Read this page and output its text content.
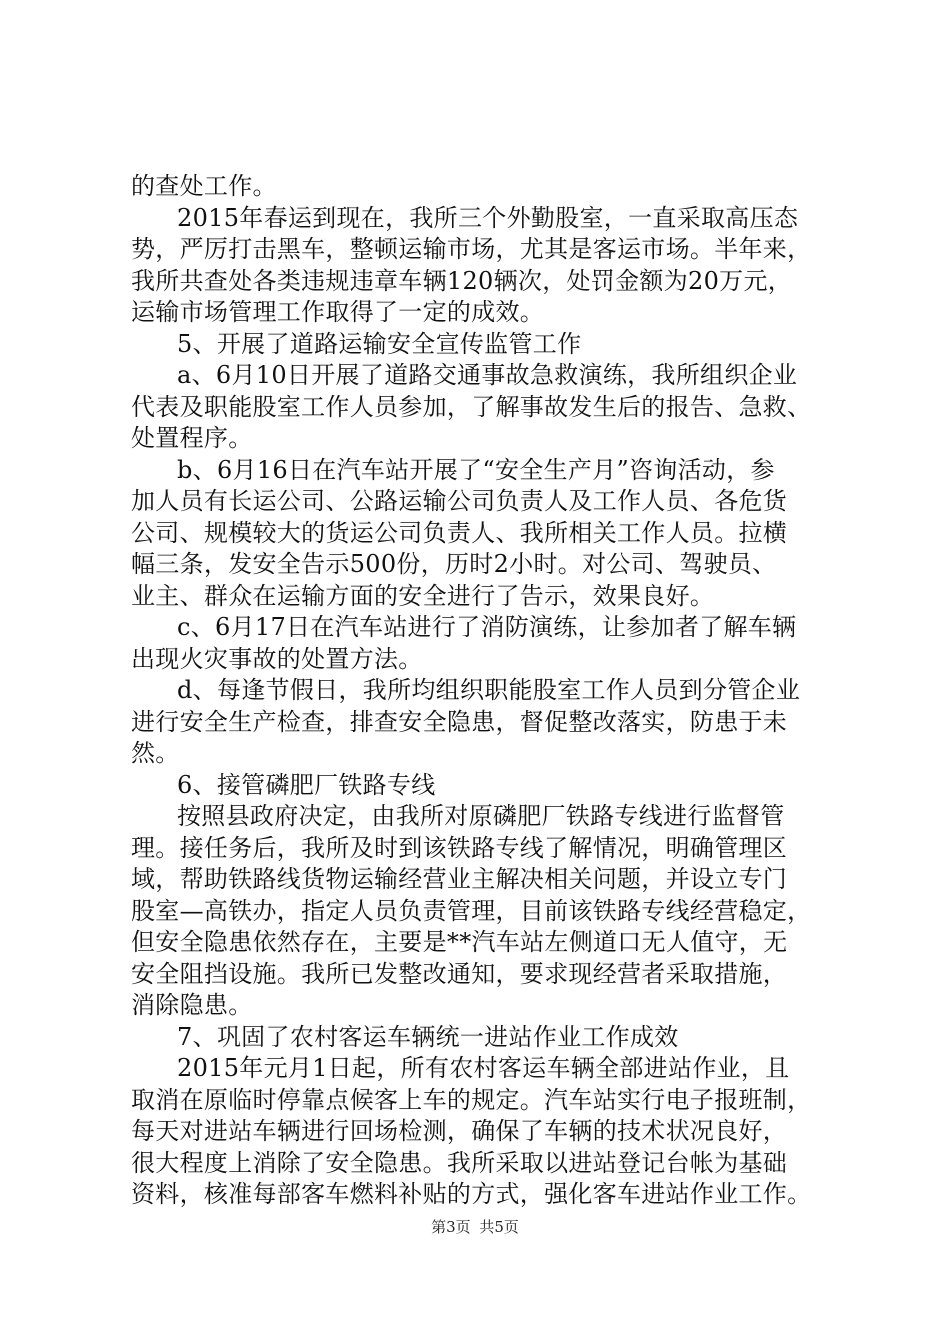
的查处工作。
2015年春运到现在，我所三个外勤股室，一直采取高压态
势，严厉打击黑车，整顿运输市场，尤其是客运市场。半年来，
我所共查处各类违规违章车辆120辆次，处罚金额为20万元，
运输市场管理工作取得了一定的成效。
5、开展了道路运输安全宣传监管工作
a、6月10日开展了道路交通事故急救演练，我所组织企业
代表及职能股室工作人员参加，了解事故发生后的报告、急救、
处置程序。
b、6月16日在汽车站开展了“安全生产月”咨询活动，参
加人员有长运公司、公路运输公司负责人及工作人员、各危货
公司、规模较大的货运公司负责人、我所相关工作人员。拉横
幅三条，发安全告示500份，历时2小时。对公司、驾驶员、
业主、群众在运输方面的安全进行了告示，效果良好。
c、6月17日在汽车站进行了消防演练，让参加者了解车辆
出现火灾事故的处置方法。
d、每逢节假日，我所均组织职能股室工作人员到分管企业
进行安全生产检查，排查安全隐患，督促整改落实，防患于未
然。
6、接管磷肥厂铁路专线
按照县政府决定，由我所对原磷肥厂铁路专线进行监督管
理。接任务后，我所及时到该铁路专线了解情况，明确管理区
域，帮助铁路线货物运输经营业主解决相关问题，并设立专门
股室—高铁办，指定人员负责管理，目前该铁路专线经营稳定，
但安全隐患依然存在，主要是**汽车站左侧道口无人值守，无
安全阻挡设施。我所已发整改通知，要求现经营者采取措施，
消除隐患。
7、巩固了农村客运车辆统一进站作业工作成效
2015年元月1日起，所有农村客运车辆全部进站作业，且
取消在原临时停靠点候客上车的规定。汽车站实行电子报班制，
每天对进站车辆进行回场检测，确保了车辆的技术状况良好，
很大程度上消除了安全隐患。我所采取以进站登记台帐为基础
资料，核准每部客车燃料补贴的方式，强化客车进站作业工作。
第3页 共5页
